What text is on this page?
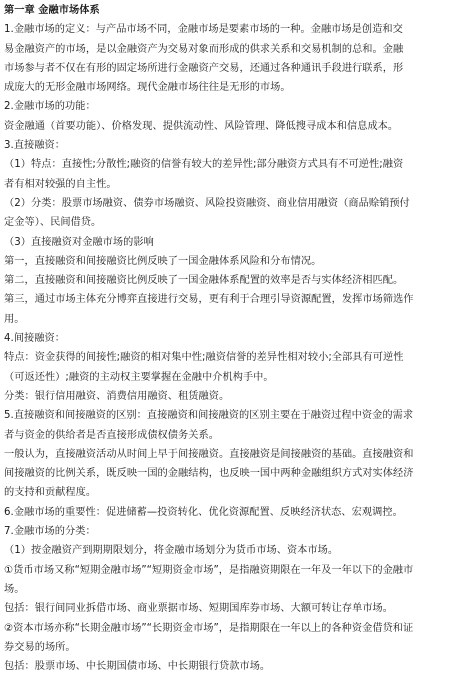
第一章 金融市场体系
1.金融市场的定义：与产品市场不同，金融市场是要素市场的一种。金融市场是创造和交
易金融资产的市场，是以金融资产为交易对象而形成的供求关系和交易机制的总和。金融
市场参与者不仅在有形的固定场所进行金融资产交易，还通过各种通讯手段进行联系，形
成庞大的无形金融市场网络。现代金融市场往往是无形的市场。
2.金融市场的功能：
资金融通（首要功能）、价格发现、提供流动性、风险管理、降低搜寻成本和信息成本。
3.直接融资：
（1）特点：直接性;分散性;融资的信誉有较大的差异性;部分融资方式具有不可逆性;融资
者有相对较强的自主性。
（2）分类：股票市场融资、债券市场融资、风险投资融资、商业信用融资（商品赊销预付
定金等）、民间借贷。
（3）直接融资对金融市场的影响
第一，直接融资和间接融资比例反映了一国金融体系风险和分布情况。
第二，直接融资和间接融资比例反映了一国金融体系配置的效率是否与实体经济相匹配。
第三，通过市场主体充分博弈直接进行交易，更有利于合理引导资源配置，发挥市场筛选作
用。
4.间接融资：
特点：资金获得的间接性;融资的相对集中性;融资信誉的差异性相对较小;全部具有可逆性
（可返还性）;融资的主动权主要掌握在金融中介机构手中。
分类：银行信用融资、消费信用融资、租赁融资。
5.直接融资和间接融资的区别：直接融资和间接融资的区别主要在于融资过程中资金的需求
者与资金的供给者是否直接形成债权债务关系。
一般认为，直接融资活动从时间上早于间接融资。直接融资是间接融资的基础。直接融资和
间接融资的比例关系，既反映一国的金融结构，也反映一国中两种金融组织方式对实体经济
的支持和贡献程度。
6.金融市场的重要性：促进储蓄—投资转化、优化资源配置、反映经济状态、宏观调控。
7.金融市场的分类：
（1）按金融资产到期期限划分，将金融市场划分为货币市场、资本市场。
①货币市场又称“短期金融市场”“短期资金市场”，是指融资期限在一年及一年以下的金融市
场。
包括：银行间同业拆借市场、商业票据市场、短期国库券市场、大额可转让存单市场。
②资本市场亦称“长期金融市场”“长期资金市场”，是指期限在一年以上的各种资金借贷和证
券交易的场所。
包括：股票市场、中长期国债市场、中长期银行贷款市场。
